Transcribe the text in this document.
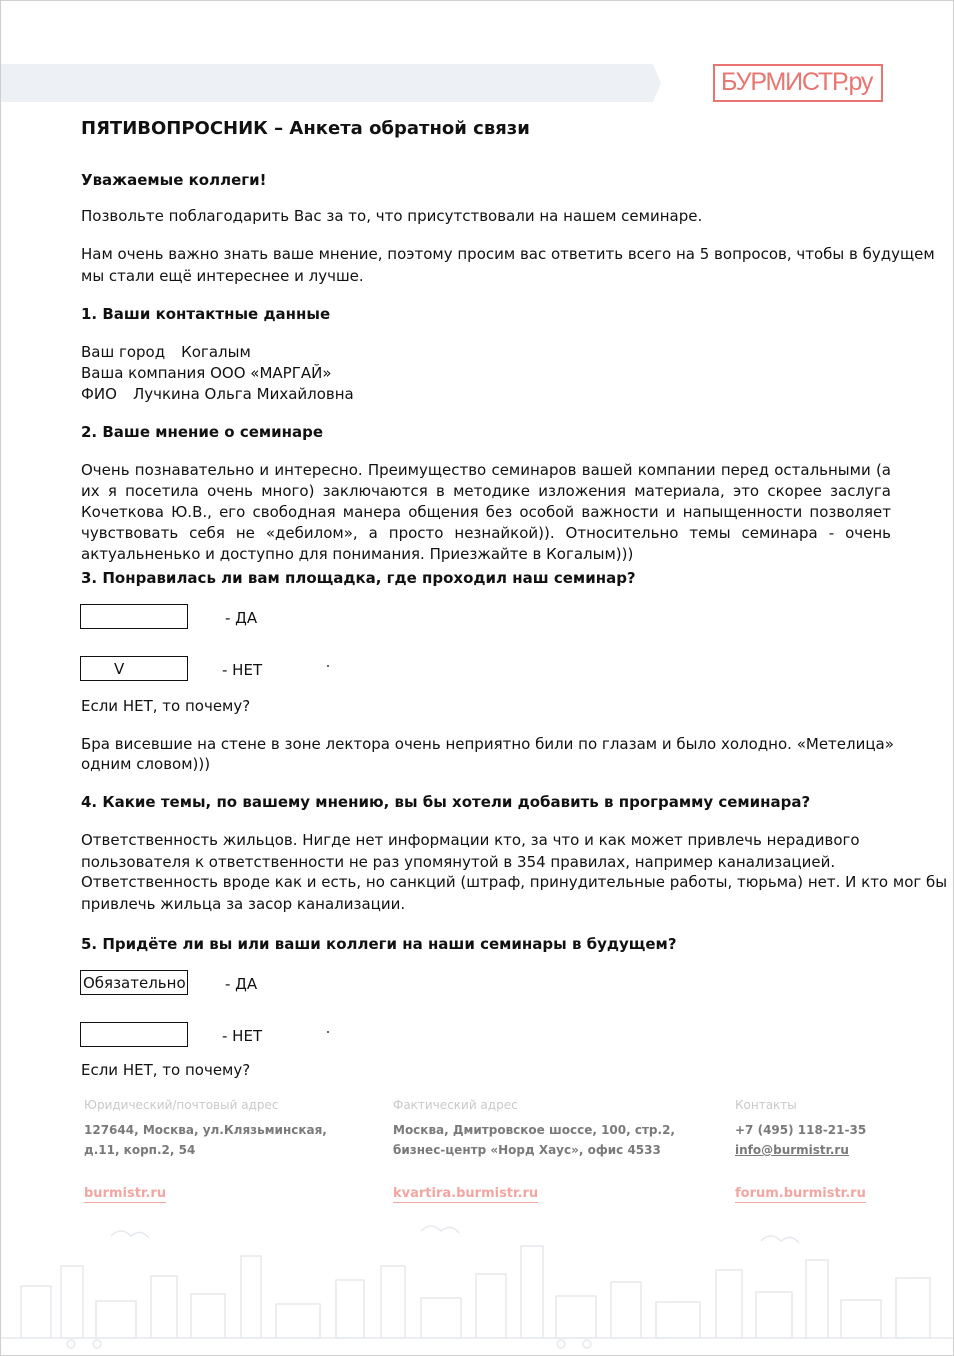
БУРМИСТР.ру
ПЯТИВОПРОСНИК – Анкета обратной связи
Уважаемые коллеги!
Позвольте поблагодарить Вас за то, что присутствовали на нашем семинаре.
Нам очень важно знать ваше мнение, поэтому просим вас ответить всего на 5 вопросов, чтобы в будущем
мы стали ещё интереснее и лучше.
1. Ваши контактные данные
Ваш город Когалым
Ваша компания ООО «МАРГАЙ»
ФИО Лучкина Ольга Михайловна
2. Ваше мнение о семинаре
Очень познавательно и интересно. Преимущество семинаров вашей компании перед остальными (а их я посетила очень много) заключаются в методике изложения материала, это скорее заслуга Кочеткова Ю.В., его свободная манера общения без особой важности и напыщенности позволяет чувствовать себя не «дебилом», а просто незнайкой)). Относительно темы семинара - очень актуальненько и доступно для понимания. Приезжайте в Когалым)))
3. Понравилась ли вам площадка, где проходил наш семинар?
- ДА
V	- НЕТ
Если НЕТ, то почему?
Бра висевшие на стене в зоне лектора очень неприятно били по глазам и было холодно. «Метелица»
одним словом)))
4. Какие темы, по вашему мнению, вы бы хотели добавить в программу семинара?
Ответственность жильцов. Нигде нет информации кто, за что и как может привлечь нерадивого
пользователя к ответственности не раз упомянутой в 354 правилах, например канализацией.
Ответственность вроде как и есть, но санкций (штраф, принудительные работы, тюрьма) нет. И кто мог бы
привлечь жильца за засор канализации.
5. Придёте ли вы или ваши коллеги на наши семинары в будущем?
Обязательно	- ДА
- НЕТ
Если НЕТ, то почему?
Юридический/почтовый адрес
127644, Москва, ул.Клязьминская,
д.11, корп.2, 54
Фактический адрес
Москва, Дмитровское шоссе, 100, стр.2,
бизнес-центр «Норд Хаус», офис 4533
Контакты
+7 (495) 118-21-35
info@burmistr.ru
burmistr.ru	kvartira.burmistr.ru	forum.burmistr.ru
